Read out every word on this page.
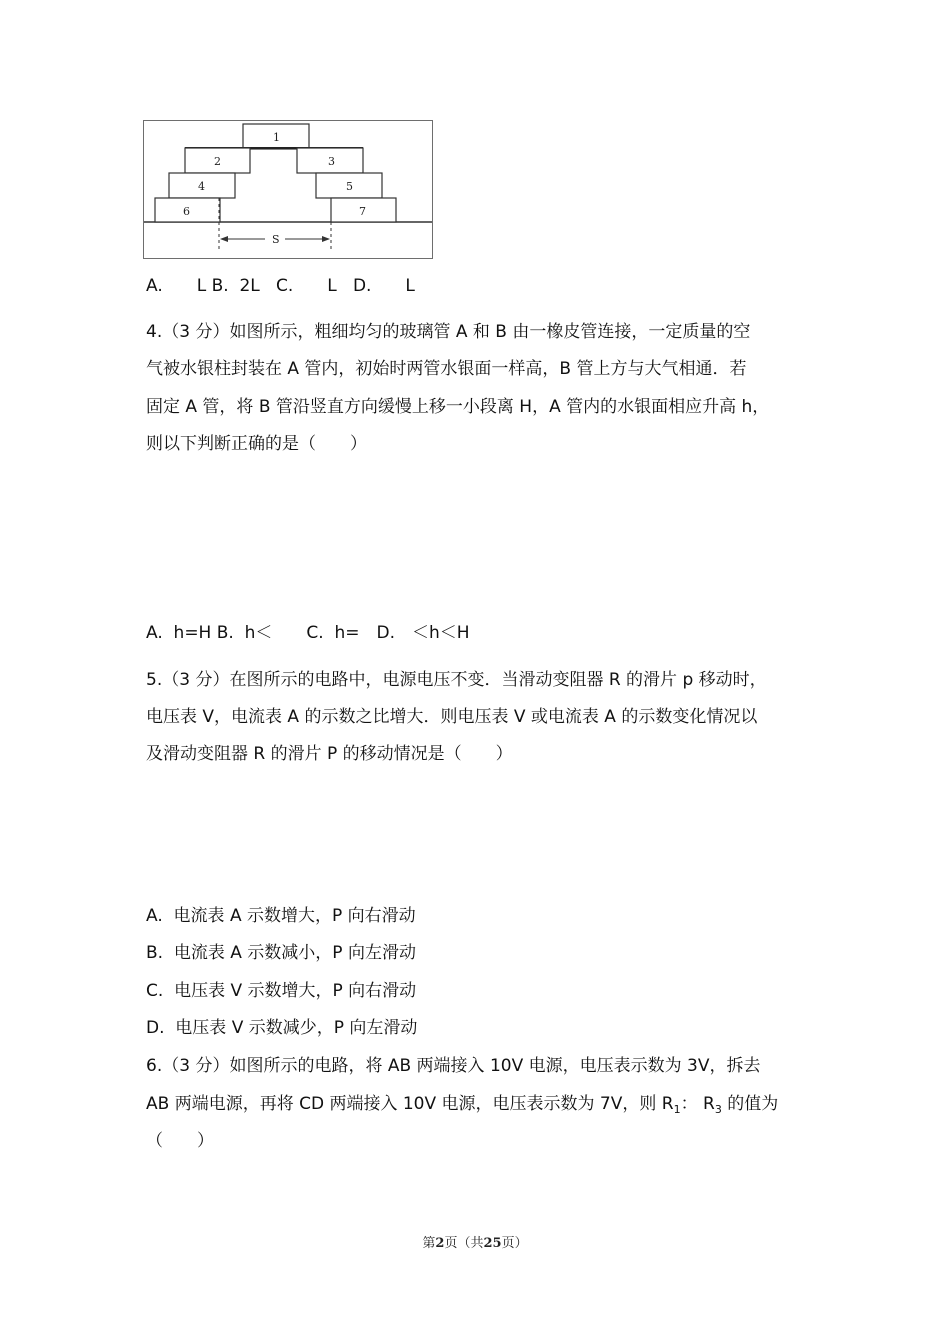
1
2	3
4	5
6	7
S
A.  L B.  2L   C.  L   D.  L
4.（3 分）如图所示，粗细均匀的玻璃管 A 和 B 由一橡皮管连接，一定质量的空
气被水银柱封装在 A 管内，初始时两管水银面一样高，B 管上方与大气相通．若
固定 A 管，将 B 管沿竖直方向缓慢上移一小段离 H，A 管内的水银面相应升高 h，
则以下判断正确的是（　　）
A.  h=H B.  h＜  C.  h= D.　＜h＜H
5.（3 分）在图所示的电路中，电源电压不变．当滑动变阻器 R 的滑片 p 移动时，
电压表 V，电流表 A 的示数之比增大．则电压表 V 或电流表 A 的示数变化情况以
及滑动变阻器 R 的滑片 P 的移动情况是（　　）
A.  电流表 A 示数增大，P 向右滑动
B.  电流表 A 示数减小，P 向左滑动
C.  电压表 V 示数增大，P 向右滑动
D.  电压表 V 示数减少，P 向左滑动
6.（3 分）如图所示的电路，将 AB 两端接入 10V 电源，电压表示数为 3V，拆去
AB 两端电源，再将 CD 两端接入 10V 电源，电压表示数为 7V，则 $R_1$： $R_3$ 的值为
（　　）
第2页（共25页）
